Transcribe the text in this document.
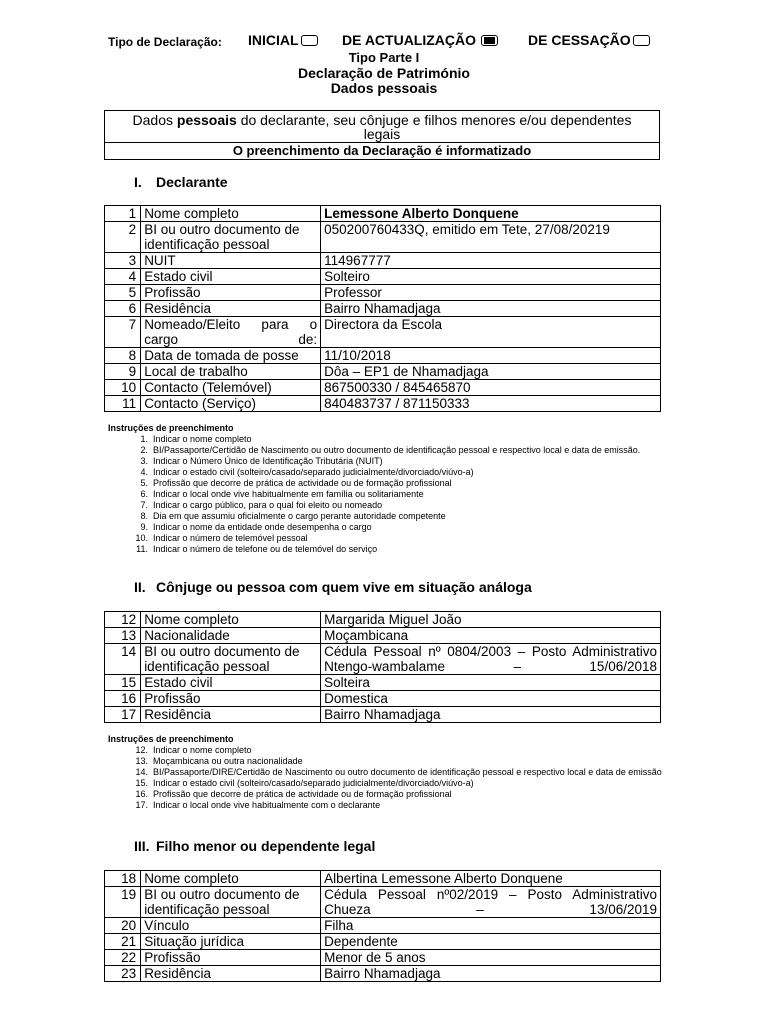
Tipo de Declaração: INICIAL	DE ACTUALIZAÇÃO	DE CESSAÇÃO
Tipo Parte I
Declaração de Património
Dados pessoais
Dados pessoais do declarante, seu cônjuge e filhos menores e/ou dependentes legais
O preenchimento da Declaração é informatizado
I. Declarante
1	Nome completo	Lemessone Alberto Donquene
2	BI ou outro documento de identificação pessoal	050200760433Q, emitido em Tete, 27/08/20219
3	NUIT	114967777
4	Estado civil	Solteiro
5	Profissão	Professor
6	Residência	Bairro Nhamadjaga
7	Nomeado/Eleito para o cargo de:	Directora da Escola
8	Data de tomada de posse	11/10/2018
9	Local de trabalho	Dôa – EP1 de Nhamadjaga
10	Contacto (Telemóvel)	867500330 / 845465870
11	Contacto (Serviço)	840483737 / 871150333
Instruções de preenchimento
1. Indicar o nome completo
2. BI/Passaporte/Certidão de Nascimento ou outro documento de identificação pessoal e respectivo local e data de emissão.
3. Indicar o Número Único de Identificação Tributária (NUIT)
4. Indicar o estado civil (solteiro/casado/separado judicialmente/divorciado/viúvo-a)
5. Profissão que decorre de prática de actividade ou de formação profissional
6. Indicar o local onde vive habitualmente em família ou solitariamente
7. Indicar o cargo público, para o qual foi eleito ou nomeado
8. Dia em que assumiu oficialmente o cargo perante autoridade competente
9. Indicar o nome da entidade onde desempenha o cargo
10. Indicar o número de telemóvel pessoal
11. Indicar o número de telefone ou de telemóvel do serviço
II. Cônjuge ou pessoa com quem vive em situação análoga
12	Nome completo	Margarida Miguel João
13	Nacionalidade	Moçambicana
14	BI ou outro documento de identificação pessoal	Cédula Pessoal nº 0804/2003 – Posto Administrativo Ntengo-wambalame – 15/06/2018
15	Estado civil	Solteira
16	Profissão	Domestica
17	Residência	Bairro Nhamadjaga
Instruções de preenchimento
12. Indicar o nome completo
13. Moçambicana ou outra nacionalidade
14. BI/Passaporte/DIRE/Certidão de Nascimento ou outro documento de identificação pessoal e respectivo local e data de emissão
15. Indicar o estado civil (solteiro/casado/separado judicialmente/divorciado/viúvo-a)
16. Profissão que decorre de prática de actividade ou de formação profissional
17. Indicar o local onde vive habitualmente com o declarante
III. Filho menor ou dependente legal
18	Nome completo	Albertina Lemessone Alberto Donquene
19	BI ou outro documento de identificação pessoal	Cédula Pessoal nº02/2019 – Posto Administrativo Chueza – 13/06/2019
20	Vínculo	Filha
21	Situação jurídica	Dependente
22	Profissão	Menor de 5 anos
23	Residência	Bairro Nhamadjaga
